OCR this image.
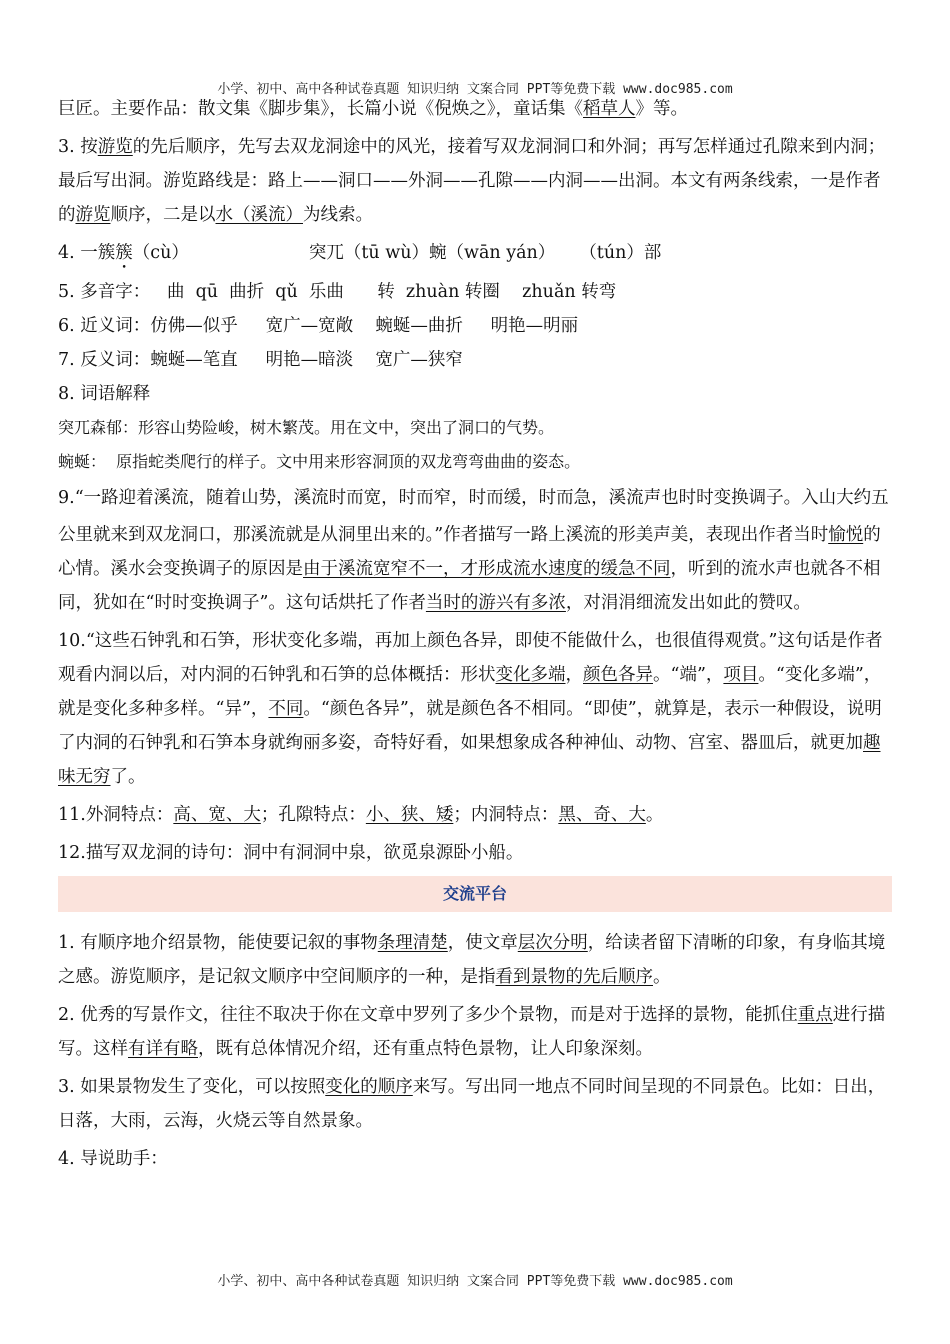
小学、初中、高中各种试卷真题 知识归纳 文案合同 PPT等免费下载 www.doc985.com
巨匠。主要作品：散文集《脚步集》，长篇小说《倪焕之》，童话集《稻草人》等。
3. 按游览的先后顺序，先写去双龙洞途中的风光，接着写双龙洞洞口和外洞；再写怎样通过孔隙来到内洞；最后写出洞。游览路线是：路上——洞口——外洞——孔隙——内洞——出洞。本文有两条线索，一是作者的游览顺序，二是以水（溪流）为线索。
4. 一簇簇（cù）	突兀（tū wù）蜿（wān yán） （tún）部
5. 多音字：   曲  qū  曲折  qǔ  乐曲      转  zhuàn 转圈    zhuǎn 转弯
6. 近义词：仿佛—似乎     宽广—宽敞    蜿蜒—曲折     明艳—明丽
7. 反义词：蜿蜒—笔直     明艳—暗淡    宽广—狭窄
8. 词语解释
突兀森郁：形容山势险峻，树木繁茂。用在文中，突出了洞口的气势。
蜿蜒：  原指蛇类爬行的样子。文中用来形容洞顶的双龙弯弯曲曲的姿态。
9.“一路迎着溪流，随着山势，溪流时而宽，时而窄，时而缓，时而急，溪流声也时时变换调子。入山大约五公里就来到双龙洞口，那溪流就是从洞里出来的。”作者描写一路上溪流的形美声美，表现出作者当时愉悦的心情。溪水会变换调子的原因是由于溪流宽窄不一，才形成流水速度的缓急不同，听到的流水声也就各不相同，犹如在“时时变换调子”。这句话烘托了作者当时的游兴有多浓，对涓涓细流发出如此的赞叹。
10.“这些石钟乳和石笋，形状变化多端，再加上颜色各异，即使不能做什么，也很值得观赏。”这句话是作者观看内洞以后，对内洞的石钟乳和石笋的总体概括：形状变化多端，颜色各异。“端”，项目。“变化多端”，就是变化多种多样。“异”，不同。“颜色各异”，就是颜色各不相同。“即使”，就算是，表示一种假设，说明了内洞的石钟乳和石笋本身就绚丽多姿，奇特好看，如果想象成各种神仙、动物、宫室、器皿后，就更加趣味无穷了。
11.外洞特点：高、宽、大；孔隙特点：小、狭、矮；内洞特点：黑、奇、大。
12.描写双龙洞的诗句：洞中有洞洞中泉，欲觅泉源卧小船。
交流平台
1. 有顺序地介绍景物，能使要记叙的事物条理清楚，使文章层次分明，给读者留下清晰的印象，有身临其境之感。游览顺序，是记叙文顺序中空间顺序的一种，是指看到景物的先后顺序。
2. 优秀的写景作文，往往不取决于你在文章中罗列了多少个景物，而是对于选择的景物，能抓住重点进行描写。这样有详有略，既有总体情况介绍，还有重点特色景物，让人印象深刻。
3. 如果景物发生了变化，可以按照变化的顺序来写。写出同一地点不同时间呈现的不同景色。比如：日出，日落，大雨，云海，火烧云等自然景象。
4. 导说助手：
小学、初中、高中各种试卷真题 知识归纳 文案合同 PPT等免费下载 www.doc985.com
